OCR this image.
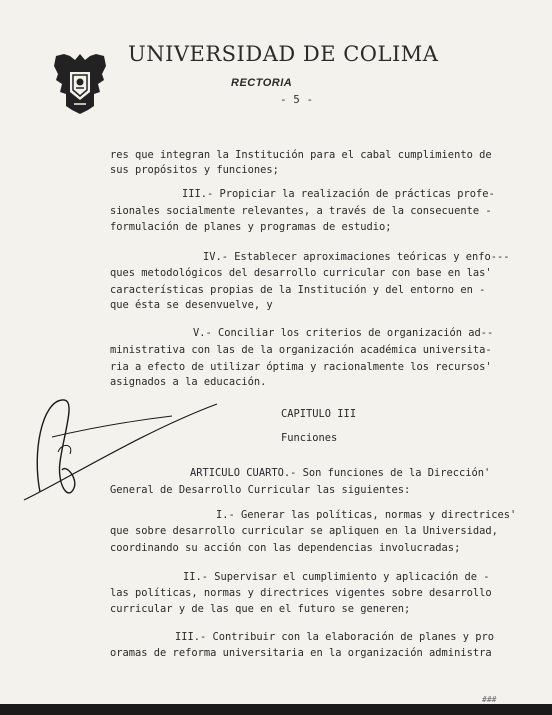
UNIVERSIDAD DE COLIMA
RECTORIA
- 5 -
res que integran la Institución para el cabal cumplimiento de
sus propósitos y funciones;
III.- Propiciar la realización de prácticas profe-
sionales socialmente relevantes, a través de la consecuente -
formulación de planes y programas de estudio;
IV.- Establecer aproximaciones teóricas y enfo---
ques metodológicos del desarrollo curricular con base en las'
características propias de la Institución y del entorno en -
que ésta se desenvuelve, y
V.- Conciliar los criterios de organización ad--
ministrativa con las de la organización académica universita-
ria a efecto de utilizar óptima y racionalmente los recursos'
asignados a la educación.
CAPITULO III
Funciones
ARTICULO CUARTO.- Son funciones de la Dirección'
General de Desarrollo Curricular las siguientes:
I.- Generar las políticas, normas y directrices'
que sobre desarrollo curricular se apliquen en la Universidad,
coordinando su acción con las dependencias involucradas;
II.- Supervisar el cumplimiento y aplicación de -
las políticas, normas y directrices vigentes sobre desarrollo
curricular y de las que en el futuro se generen;
III.- Contribuir con la elaboración de planes y pro
oramas de reforma universitaria en la organización administra
###
